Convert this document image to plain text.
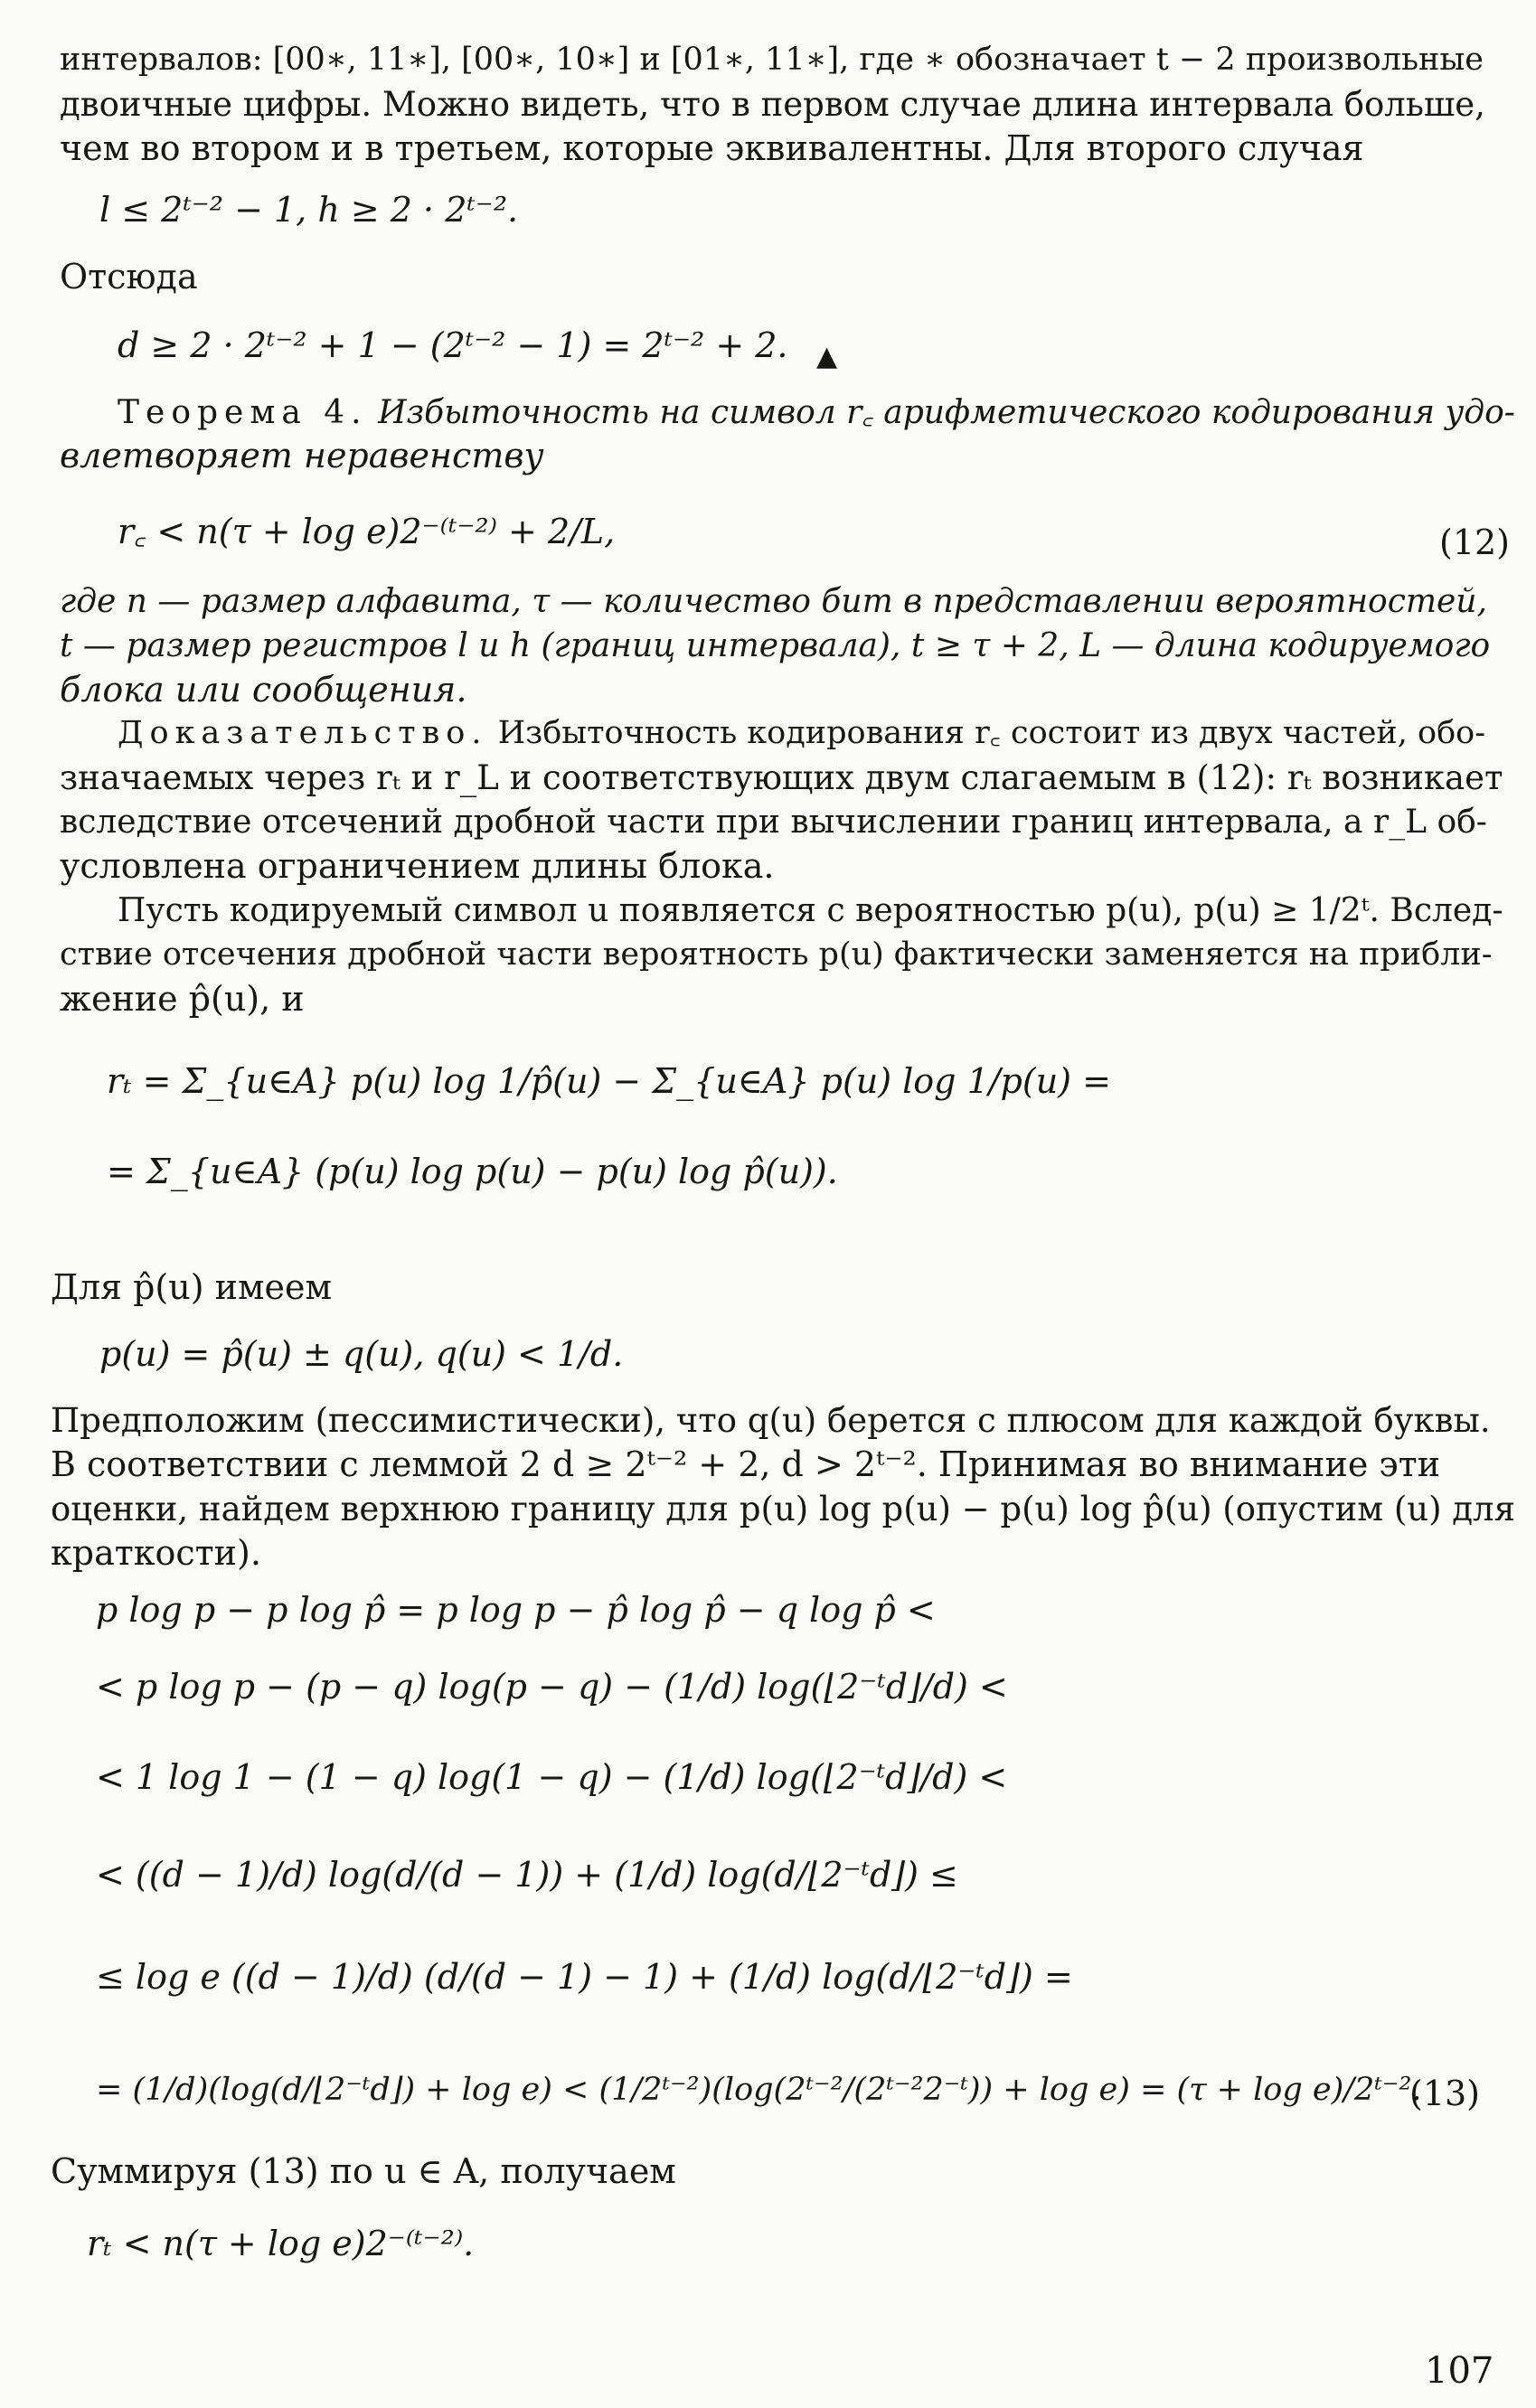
интервалов: [00∗, 11∗], [00∗, 10∗] и [01∗, 11∗], где ∗ обозначает t − 2 произвольные
двоичные цифры. Можно видеть, что в первом случае длина интервала больше,
чем во втором и в третьем, которые эквивалентны. Для второго случая
l ≤ 2ᵗ⁻² − 1, h ≥ 2 · 2ᵗ⁻².
Отсюда
d ≥ 2 · 2ᵗ⁻² + 1 − (2ᵗ⁻² − 1) = 2ᵗ⁻² + 2. ▲
Теорема 4. Избыточность на символ r꜀ арифметического кодирования удо-
влетворяет неравенству
r꜀ < n(τ + log e)2⁻⁽ᵗ⁻²⁾ + 2/L,	(12)
где n — размер алфавита, τ — количество бит в представлении вероятностей,
t — размер регистров l и h (границ интервала), t ≥ τ + 2, L — длина кодируемого
блока или сообщения.
Доказательство. Избыточность кодирования r꜀ состоит из двух частей, обо-
значаемых через rₜ и r_L и соответствующих двум слагаемым в (12): rₜ возникает
вследствие отсечений дробной части при вычислении границ интервала, а r_L об-
условлена ограничением длины блока.
Пусть кодируемый символ u появляется с вероятностью p(u), p(u) ≥ 1/2ᵗ. Вслед-
ствие отсечения дробной части вероятность p(u) фактически заменяется на прибли-
жение p̂(u), и
rₜ = Σ_{u∈A} p(u) log 1/p̂(u) − Σ_{u∈A} p(u) log 1/p(u) =
= Σ_{u∈A} (p(u) log p(u) − p(u) log p̂(u)).
Для p̂(u) имеем
p(u) = p̂(u) ± q(u), q(u) < 1/d.
Предположим (пессимистически), что q(u) берется с плюсом для каждой буквы.
В соответствии с леммой 2 d ≥ 2ᵗ⁻² + 2, d > 2ᵗ⁻². Принимая во внимание эти
оценки, найдем верхнюю границу для p(u) log p(u) − p(u) log p̂(u) (опустим (u) для
краткости).
p log p − p log p̂ = p log p − p̂ log p̂ − q log p̂ <
< p log p − (p − q) log(p − q) − (1/d) log(⌊2⁻ᵗd⌋/d) <
< 1 log 1 − (1 − q) log(1 − q) − (1/d) log(⌊2⁻ᵗd⌋/d) <
< ((d − 1)/d) log(d/(d − 1)) + (1/d) log(d/⌊2⁻ᵗd⌋) ≤
≤ log e ((d − 1)/d) (d/(d − 1) − 1) + (1/d) log(d/⌊2⁻ᵗd⌋) =
= (1/d)(log(d/⌊2⁻ᵗd⌋) + log e) < (1/2ᵗ⁻²)(log(2ᵗ⁻²/(2ᵗ⁻²2⁻ᵗ)) + log e) = (τ + log e)/2ᵗ⁻².
(13)
Суммируя (13) по u ∈ A, получаем
rₜ < n(τ + log e)2⁻⁽ᵗ⁻²⁾.
107
